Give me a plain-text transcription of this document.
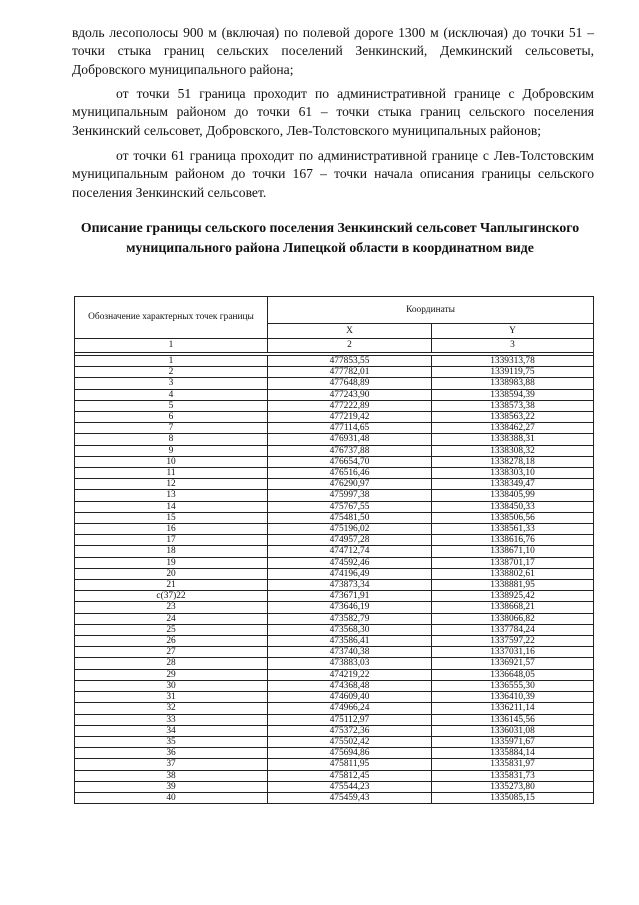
вдоль лесополосы 900 м (включая) по полевой дороге 1300 м (исключая) до точки 51 – точки стыка границ сельских поселений Зенкинский, Демкинский сельсоветы, Добровского муниципального района;

от точки 51 граница проходит по административной границе с Добровским муниципальным районом до точки 61 – точки стыка границ сельского поселения Зенкинский сельсовет, Добровского, Лев-Толстовского муниципальных районов;

от точки 61 граница проходит по административной границе с Лев-Толстовским муниципальным районом до точки 167 – точки начала описания границы сельского поселения Зенкинский сельсовет.

Описание границы сельского поселения Зенкинский сельсовет Чаплыгинского муниципального района Липецкой области в координатном виде
Обозначение характерных точек границы	Координаты	
	X	Y
1	2	3

1	477853,55	1339313,78
2	477782,01	1339119,75
3	477648,89	1338983,88
4	477243,90	1338594,39
5	477222,89	1338573,38
6	477219,42	1338563,22
7	477114,65	1338462,27
8	476931,48	1338388,31
9	476737,88	1338308,32
10	476654,70	1338278,18
11	476516,46	1338303,10
12	476290,97	1338349,47
13	475997,38	1338405,99
14	475767,55	1338450,33
15	475481,50	1338506,56
16	475196,02	1338561,33
17	474957,28	1338616,76
18	474712,74	1338671,10
19	474592,46	1338701,17
20	474196,49	1338802,61
21	473873,34	1338881,95
с(37)22	473671,91	1338925,42
23	473646,19	1338668,21
24	473582,79	1338066,82
25	473568,30	1337784,24
26	473586,41	1337597,22
27	473740,38	1337031,16
28	473883,03	1336921,57
29	474219,22	1336648,05
30	474368,48	1336555,30
31	474609,40	1336410,39
32	474966,24	1336211,14
33	475112,97	1336145,56
34	475372,36	1336031,08
35	475502,42	1335971,67
36	475694,86	1335884,14
37	475811,95	1335831,97
38	475812,45	1335831,73
39	475544,23	1335273,80
40	475459,43	1335085,15
